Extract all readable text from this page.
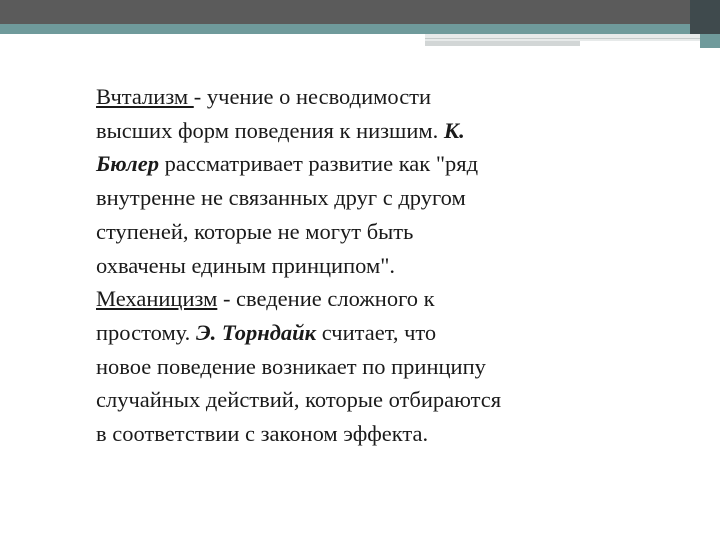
Вчтализм - учение о несводимости
высших форм поведения к низшим. К.
Бюлер рассматривает развитие как "ряд
внутренне не связанных друг с другом
ступеней, которые не могут быть
охвачены единым принципом".
Механицизм - сведение сложного к
простому. Э. Торндайк считает, что
новое поведение возникает по принципу
случайных действий, которые отбираются
в соответствии с законом эффекта.
